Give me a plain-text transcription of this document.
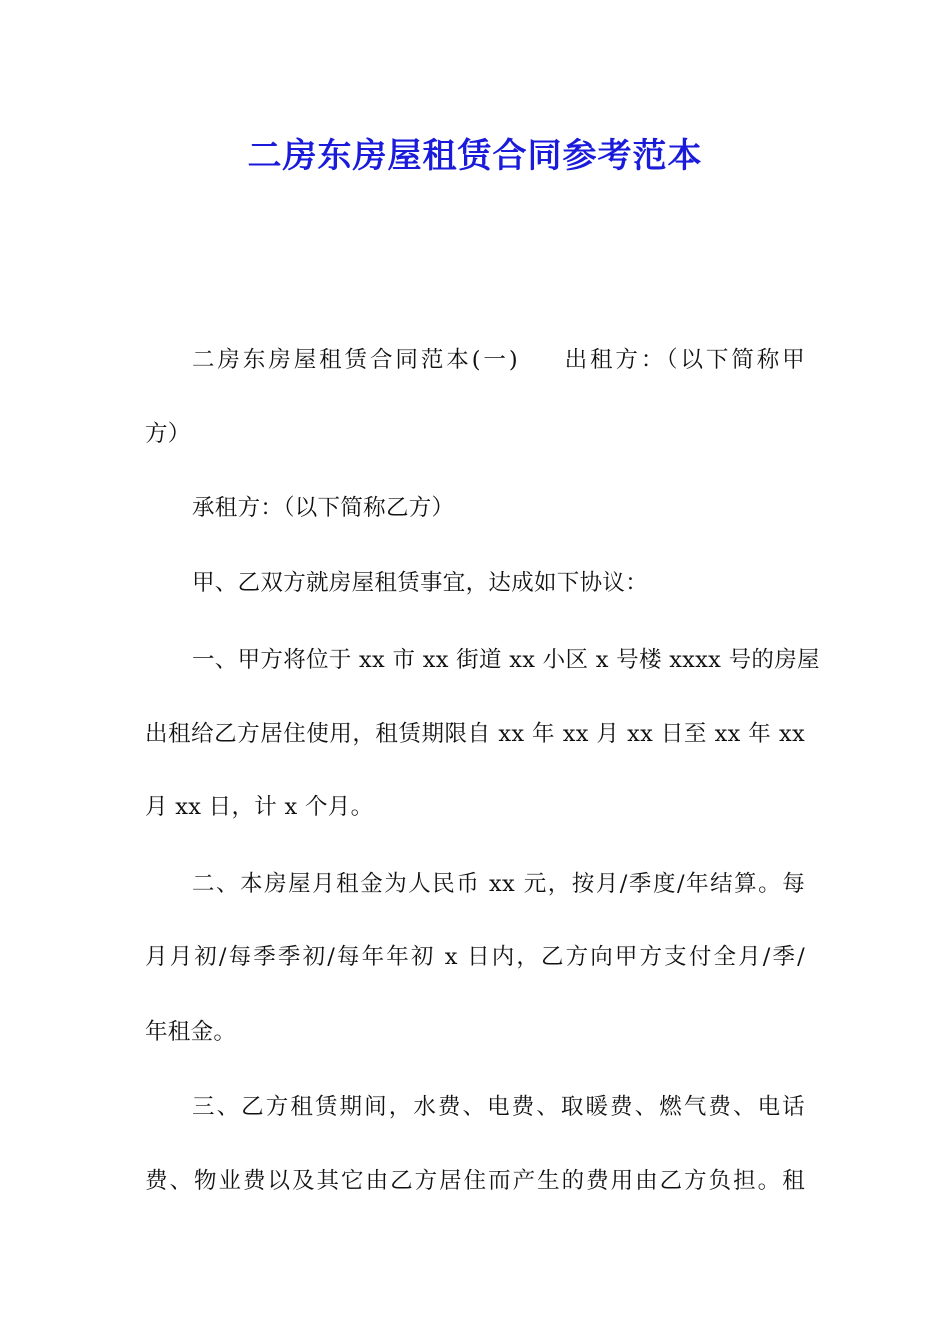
二房东房屋租赁合同参考范本
二房东房屋租赁合同范本(一) 出租方：（以下简称甲
方）
承租方：（以下简称乙方）
甲、乙双方就房屋租赁事宜，达成如下协议：
一、甲方将位于 xx 市 xx 街道 xx 小区 x 号楼 xxxx 号的房屋
出租给乙方居住使用，租赁期限自 xx 年 xx 月 xx 日至 xx 年 xx
月 xx 日，计 x 个月。
二、本房屋月租金为人民币 xx 元，按月/季度/年结算。每
月月初/每季季初/每年年初 x 日内，乙方向甲方支付全月/季/
年租金。
三、乙方租赁期间，水费、电费、取暖费、燃气费、电话
费、物业费以及其它由乙方居住而产生的费用由乙方负担。租
